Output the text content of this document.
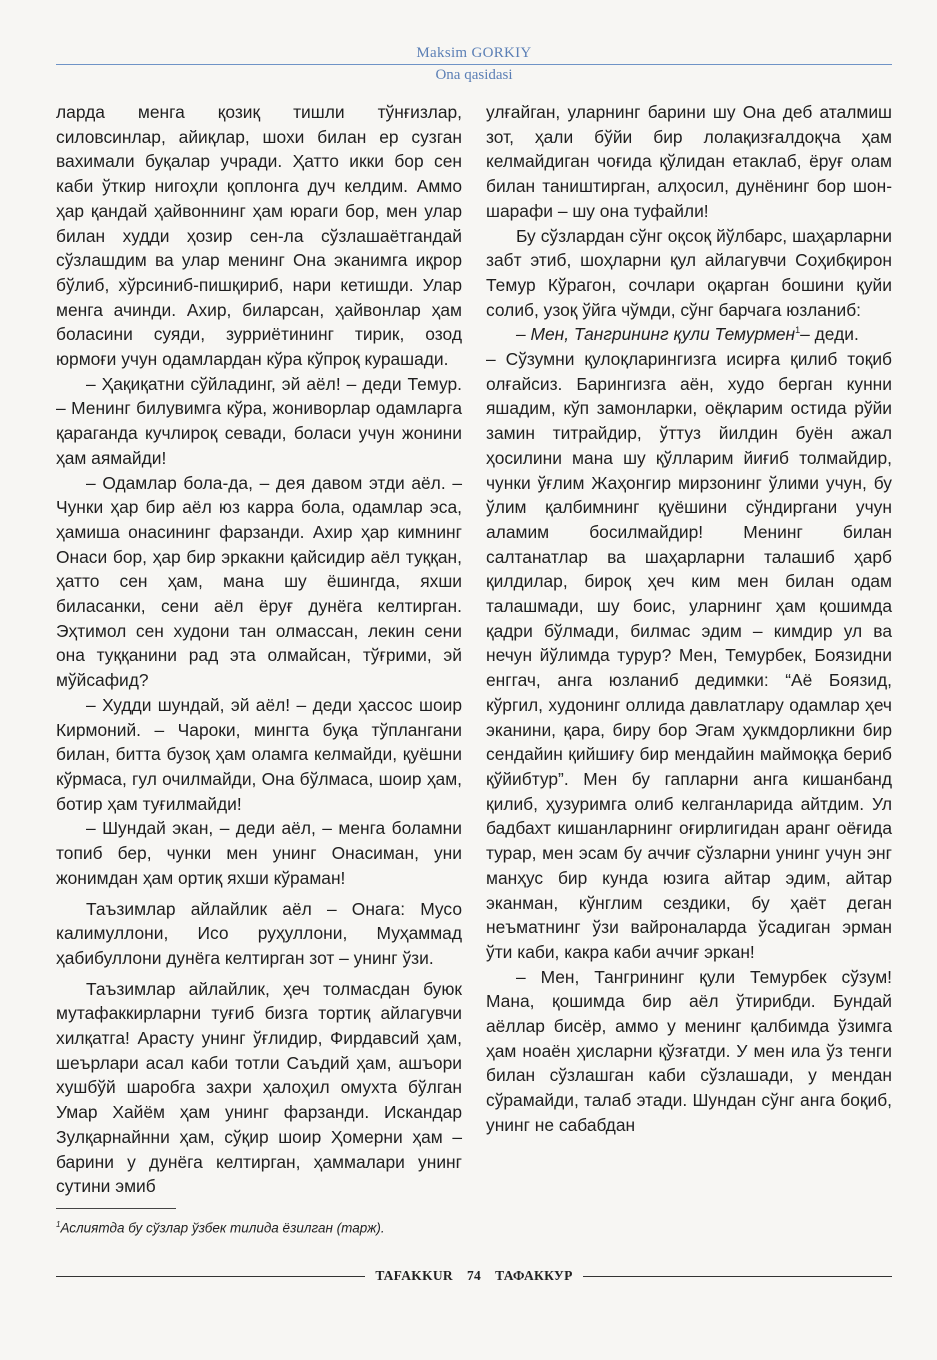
Maksim GORKIY
Ona qasidasi

ларда менга қозиқ тишли тўнғизлар, силовсинлар, айиқлар, шохи билан ер сузган вахимали буқалар учради. Ҳатто икки бор сен каби ўткир нигоҳли қоплонга дуч келдим. Аммо ҳар қандай ҳайвоннинг ҳам юраги бор, мен улар билан худди ҳозир сен-ла сўзлашаётгандай сўзлашдим ва улар менинг Она эканимга иқрор бўлиб, хўрсиниб-пишқириб, нари кетишди. Улар менга ачинди. Ахир, биларсан, ҳайвонлар ҳам боласини суяди, зурриётининг тирик, озод юрмоғи учун одамлардан кўра кўпроқ курашади.

– Ҳақиқатни сўйладинг, эй аёл! – деди Темур. – Менинг билувимга кўра, жониворлар одамларга қараганда кучлироқ севади, боласи учун жонини ҳам аямайди!

– Одамлар бола-да, – дея давом этди аёл. – Чунки ҳар бир аёл юз карра бола, одамлар эса, ҳамиша онасининг фарзанди. Ахир ҳар кимнинг Онаси бор, ҳар бир эркакни қайсидир аёл туққан, ҳатто сен ҳам, мана шу ёшингда, яхши биласанки, сени аёл ёруғ дунёга келтирган. Эҳтимол сен худони тан олмассан, лекин сени она туққанини рад эта олмайсан, тўғрими, эй мўйсафид?

– Худди шундай, эй аёл! – деди ҳассос шоир Кирмоний. – Чароки, мингта буқа тўплангани билан, битта бузоқ ҳам оламга келмайди, қуёшни кўрмаса, гул очилмайди, Она бўлмаса, шоир ҳам, ботир ҳам туғилмайди!

– Шундай экан, – деди аёл, – менга боламни топиб бер, чунки мен унинг Онасиман, уни жонимдан ҳам ортиқ яхши кўраман!

Таъзимлар айлайлик аёл – Онага: Мусо калимуллони, Исо руҳуллони, Муҳаммад ҳабибуллони дунёга келтирган зот – унинг ўзи.

Таъзимлар айлайлик, ҳеч толмасдан буюк мутафаккирларни туғиб бизга тортиқ айлагувчи хилқатга! Арасту унинг ўғлидир, Фирдавсий ҳам, шеърлари асал каби тотли Саъдий ҳам, ашъори хушбўй шаробга захри ҳалоҳил омухта бўлган Умар Хайём ҳам унинг фарзанди. Искандар Зулқарнайнни ҳам, сўқир шоир Ҳомерни ҳам – барини у дунёга келтирган, ҳаммалари унинг сутини эмиб

улғайган, уларнинг барини шу Она деб аталмиш зот, ҳали бўйи бир лолақизғалдоқча ҳам келмайдиган чоғида қўлидан етаклаб, ёруғ олам билан таништирган, алҳосил, дунёнинг бор шон-шарафи – шу она туфайли!

Бу сўзлардан сўнг оқсоқ йўлбарс, шаҳарларни забт этиб, шоҳларни қул айлагувчи Соҳибқирон Темур Кўрагон, сочлари оқарган бошини қуйи солиб, узоқ ўйга чўмди, сўнг барчага юзланиб:

– Мен, Тангрининг қули Темурмен$^1$– деди.

– Сўзумни қулоқларингизга исирға қилиб тоқиб олғайсиз. Барингизга аён, худо берган кунни яшадим, кўп замонларки, оёқларим остида рўйи замин титрайдир, ўттуз йилдин буён ажал ҳосилини мана шу қўлларим йиғиб толмайдир, чунки ўғлим Жаҳонгир мирзонинг ўлими учун, бу ўлим қалбимнинг қуёшини сўндиргани учун аламим босилмайдир! Менинг билан салтанатлар ва шаҳарларни талашиб ҳарб қилдилар, бироқ ҳеч ким мен билан одам талашмади, шу боис, уларнинг ҳам қошимда қадри бўлмади, билмас эдим – кимдир ул ва нечун йўлимда турур? Мен, Темурбек, Боязидни енггач, анга юзланиб дедимки: “Аё Боязид, кўргил, худонинг оллида давлатлару одамлар ҳеч эканини, қара, биру бор Эгам ҳукмдорликни бир сендайин қийшиғу бир мендайин маймоққа бериб қўйибтур”. Мен бу гапларни анга кишанбанд қилиб, ҳузуримга олиб келганларида айтдим. Ул бадбахт кишанларнинг оғирлигидан аранг оёғида турар, мен эсам бу аччиғ сўзларни унинг учун энг манҳус бир кунда юзига айтар эдим, айтар эканман, кўнглим сездики, бу ҳаёт деган неъматнинг ўзи вайроналарда ўсадиган эрман ўти каби, какра каби аччиғ эркан!

– Мен, Тангрининг қули Темурбек сўзум! Мана, қошимда бир аёл ўтирибди. Бундай аёллар бисёр, аммо у менинг қалбимда ўзимга ҳам ноаён ҳисларни қўзғатди. У мен ила ўз тенги билан сўзлашган каби сўзлашади, у мендан сўрамайди, талаб этади. Шундан сўнг анга боқиб, унинг не сабабдан

$^1$Аслиятда бу сўзлар ўзбек тилида ёзилган (тарж).
TAFAKKUR 74 ТАФАККУР
